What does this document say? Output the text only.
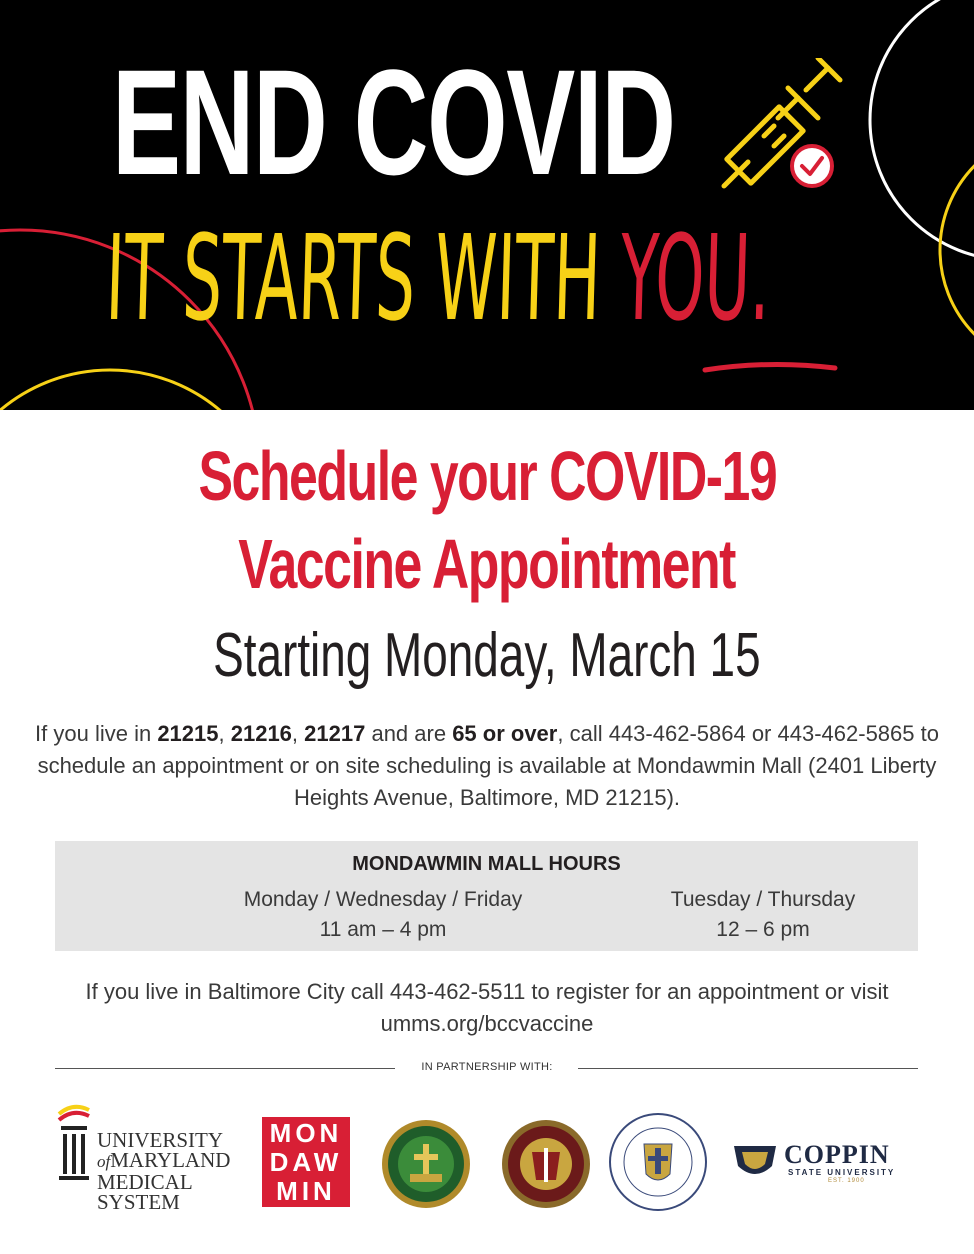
END COVID
IT STARTS WITH YOU.
Schedule your COVID-19
Vaccine Appointment
Starting Monday, March 15
If you live in 21215, 21216, 21217 and are 65 or over, call 443-462-5864 or 443-462-5865 to schedule an appointment or on site scheduling is available at Mondawmin Mall (2401 Liberty Heights Avenue, Baltimore, MD 21215).
MONDAWMIN MALL HOURS
Monday / Wednesday / Friday
11 am – 4 pm
Tuesday / Thursday
12 – 6 pm
If you live in Baltimore City call 443-462-5511 to register for an appointment or visit umms.org/bccvaccine
IN PARTNERSHIP WITH:
UNIVERSITY
ofMARYLAND
MEDICAL
SYSTEM
MON
DAW
MIN
COPPIN
STATE UNIVERSITY
EST. 1900
